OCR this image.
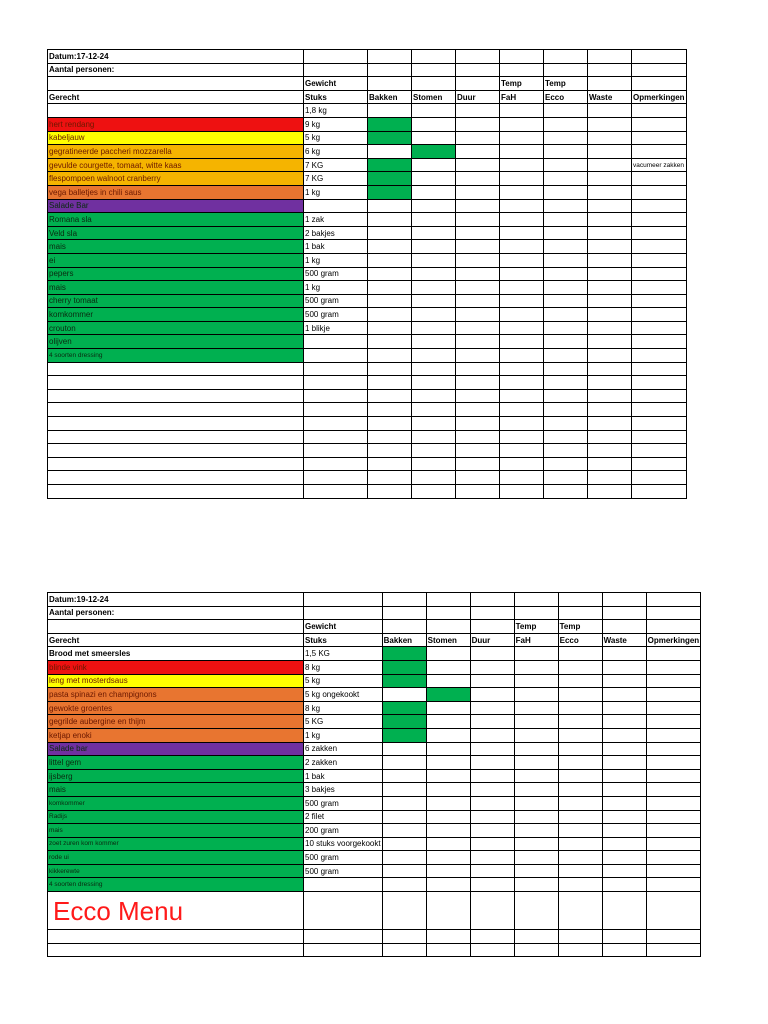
Datum:17-12-24								
Aantal personen:								
	Gewicht				Temp	Temp		
Gerecht	Stuks	Bakken	Stomen	Duur	FaH	Ecco	Waste	Opmerkingen
	1,8 kg							
hert rendang	9 kg							
kabeljauw	5 kg							
gegratineerde paccheri mozzarella	6 kg							
gevulde courgette, tomaat, witte kaas	7 KG							vacumeer zakken
flespompoen walnoot cranberry	7 KG							
vega balletjes in chili saus	1 kg							
Salade Bar								
Romana sla	1 zak							
Veld sla	2 bakjes							
mais	1 bak							
ei	1 kg							
pepers	500 gram							
mais	1 kg							
cherry tomaat	500 gram							
komkommer	500 gram							
crouton	1 blikje							
olijven								
4 soorten dressing								

Datum:19-12-24								
Aantal personen:								
	Gewicht				Temp	Temp		
Gerecht	Stuks	Bakken	Stomen	Duur	FaH	Ecco	Waste	Opmerkingen
Brood met smeersles	1,5 KG							
blinde vink	8 kg							
leng met mosterdsaus	5 kg							
pasta spinazi en champignons	5 kg ongekookt							
gewokte groentes	8 kg							
gegrilde aubergine en thijm	5 KG							
ketjap enoki	1 kg							
Salade bar	6 zakken							
littel gem	2 zakken							
ijsberg	1 bak							
mais	3 bakjes							
komkommer	500 gram							
Radijs	2 filet							
mais	200 gram							
zoet zuren kom kommer	10 stuks voorgekookt							
rode ui	500 gram							
kikkerewte	500 gram							
4 soorten dressing								
Ecco Menu								
